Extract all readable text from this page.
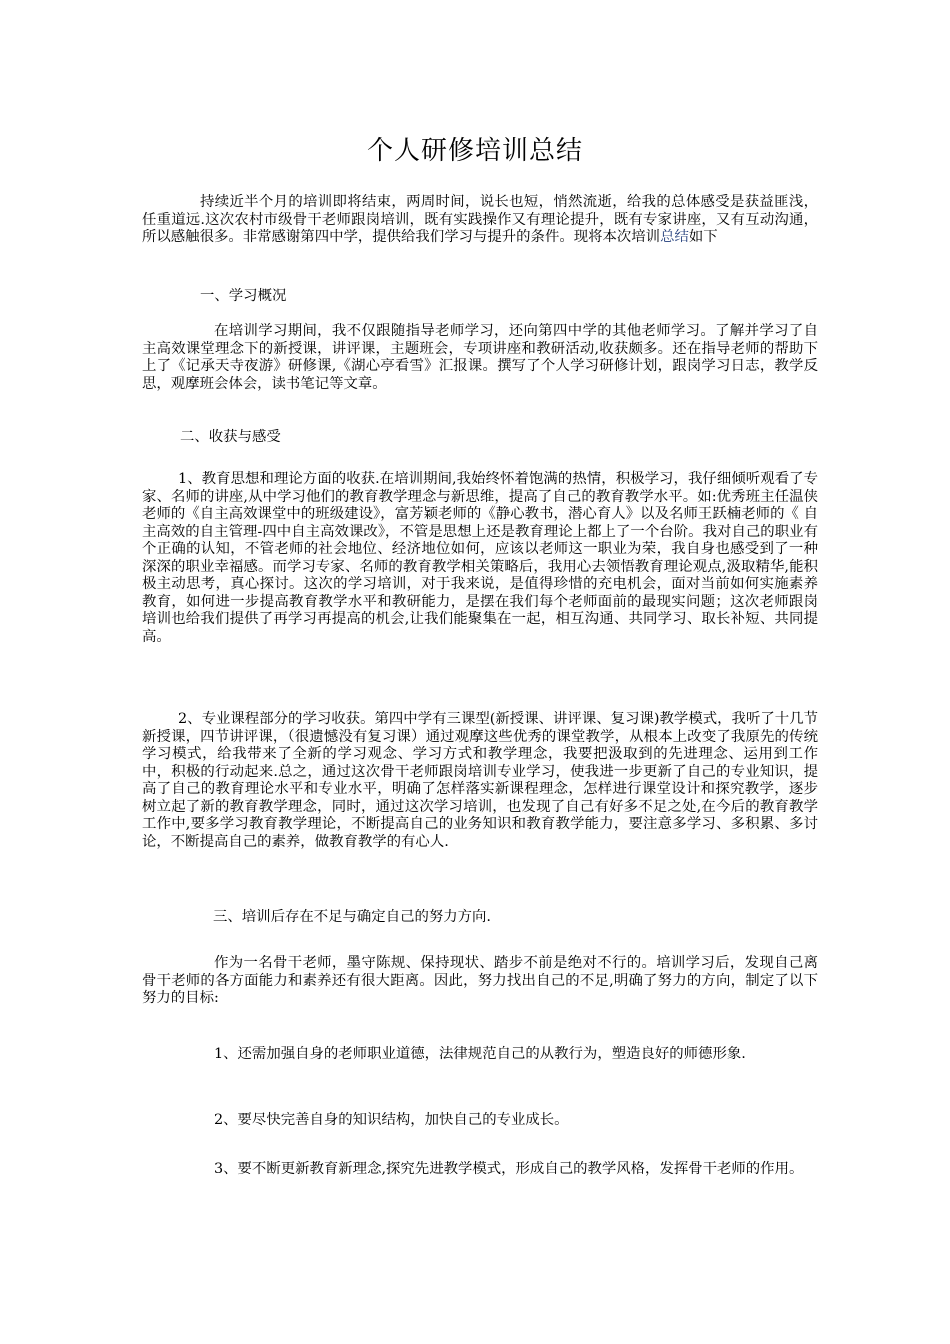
个人研修培训总结

持续近半个月的培训即将结束，两周时间，说长也短，悄然流逝，给我的总体感受是获益匪浅，任重道远.这次农村市级骨干老师跟岗培训，既有实践操作又有理论提升，既有专家讲座，又有互动沟通，所以感触很多。非常感谢第四中学，提供给我们学习与提升的条件。现将本次培训总结如下

一、学习概况

在培训学习期间，我不仅跟随指导老师学习，还向第四中学的其他老师学习。了解并学习了自主高效课堂理念下的新授课，讲评课，主题班会，专项讲座和教研活动,收获颇多。还在指导老师的帮助下上了《记承天寺夜游》研修课,《湖心亭看雪》汇报课。撰写了个人学习研修计划，跟岗学习日志，教学反思，观摩班会体会，读书笔记等文章。

二、收获与感受

1、教育思想和理论方面的收获.在培训期间,我始终怀着饱满的热情，积极学习，我仔细倾听观看了专家、名师的讲座,从中学习他们的教育教学理念与新思维，提高了自己的教育教学水平。如:优秀班主任温侠老师的《自主高效课堂中的班级建设》，富芳颖老师的《静心教书，潜心育人》以及名师王跃楠老师的《 自主高效的自主管理-四中自主高效课改》，不管是思想上还是教育理论上都上了一个台阶。我对自己的职业有个正确的认知，不管老师的社会地位、经济地位如何，应该以老师这一职业为荣，我自身也感受到了一种深深的职业幸福感。而学习专家、名师的教育教学相关策略后，我用心去领悟教育理论观点,汲取精华,能积极主动思考，真心探讨。这次的学习培训，对于我来说，是值得珍惜的充电机会，面对当前如何实施素养教育，如何进一步提高教育教学水平和教研能力，是摆在我们每个老师面前的最现实问题；这次老师跟岗培训也给我们提供了再学习再提高的机会,让我们能聚集在一起，相互沟通、共同学习、取长补短、共同提高。

2、专业课程部分的学习收获。第四中学有三课型(新授课、讲评课、复习课)教学模式，我听了十几节新授课，四节讲评课，（很遗憾没有复习课）通过观摩这些优秀的课堂教学，从根本上改变了我原先的传统学习模式，给我带来了全新的学习观念、学习方式和教学理念，我要把汲取到的先进理念、运用到工作中，积极的行动起来.总之，通过这次骨干老师跟岗培训专业学习，使我进一步更新了自己的专业知识，提高了自己的教育理论水平和专业水平，明确了怎样落实新课程理念，怎样进行课堂设计和探究教学，逐步树立起了新的教育教学理念，同时，通过这次学习培训，也发现了自己有好多不足之处,在今后的教育教学工作中,要多学习教育教学理论，不断提高自己的业务知识和教育教学能力，要注意多学习、多积累、多讨论，不断提高自己的素养，做教育教学的有心人.

三、培训后存在不足与确定自己的努力方向.

作为一名骨干老师，墨守陈规、保持现状、踏步不前是绝对不行的。培训学习后，发现自己离骨干老师的各方面能力和素养还有很大距离。因此，努力找出自己的不足,明确了努力的方向，制定了以下努力的目标:

1、还需加强自身的老师职业道德，法律规范自己的从教行为，塑造良好的师德形象.

2、要尽快完善自身的知识结构，加快自己的专业成长。

3、要不断更新教育新理念,探究先进教学模式，形成自己的教学风格，发挥骨干老师的作用。
